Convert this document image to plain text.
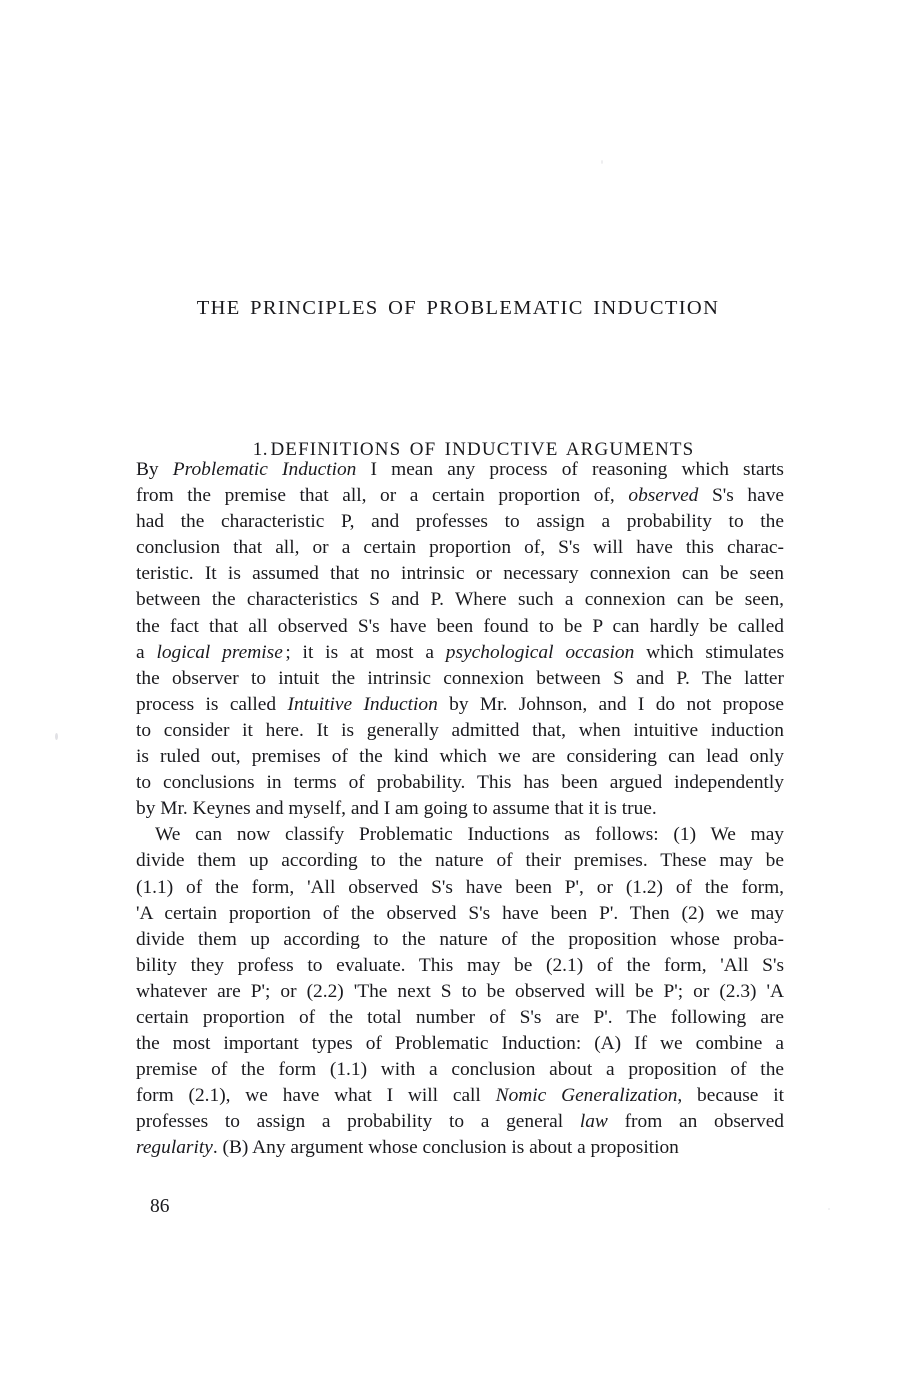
THE PRINCIPLES OF PROBLEMATIC INDUCTION

1. DEFINITIONS OF INDUCTIVE ARGUMENTS

By Problematic Induction I mean any process of reasoning which starts
from the premise that all, or a certain proportion of, observed S's have
had the characteristic P, and professes to assign a probability to the
conclusion that all, or a certain proportion of, S's will have this charac-
teristic. It is assumed that no intrinsic or necessary connexion can be seen
between the characteristics S and P. Where such a connexion can be seen,
the fact that all observed S's have been found to be P can hardly be called
a logical premise ; it is at most a psychological occasion which stimulates
the observer to intuit the intrinsic connexion between S and P. The latter
process is called Intuitive Induction by Mr. Johnson, and I do not propose
to consider it here. It is generally admitted that, when intuitive induction
is ruled out, premises of the kind which we are considering can lead only
to conclusions in terms of probability. This has been argued independently
by Mr. Keynes and myself, and I am going to assume that it is true.
We can now classify Problematic Inductions as follows: (1) We may
divide them up according to the nature of their premises. These may be
(1.1) of the form, 'All observed S's have been P', or (1.2) of the form,
'A certain proportion of the observed S's have been P'. Then (2) we may
divide them up according to the nature of the proposition whose proba-
bility they profess to evaluate. This may be (2.1) of the form, 'All S's
whatever are P'; or (2.2) 'The next S to be observed will be P'; or (2.3) 'A
certain proportion of the total number of S's are P'. The following are
the most important types of Problematic Induction: (A) If we combine a
premise of the form (1.1) with a conclusion about a proposition of the
form (2.1), we have what I will call Nomic Generalization, because it
professes to assign a probability to a general law from an observed
regularity. (B) Any argument whose conclusion is about a proposition
86
